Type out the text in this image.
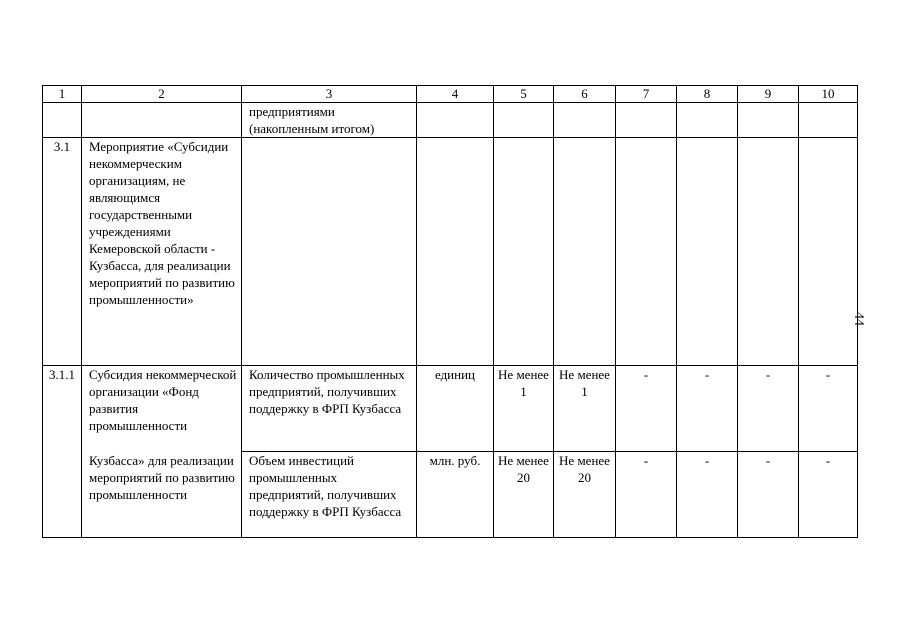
1	2	3	4	5	6	7	8	9	10
		предприятиями (накопленным итогом)							
3.1	Мероприятие «Субсидии некоммерческим организациям, не являющимся государственными учреждениями Кемеровской области - Кузбасса, для реализации мероприятий по развитию промышленности»								
3.1.1	Субсидия некоммерческой организации «Фонд развития промышленности	Количество промышленных предприятий, получивших поддержку в ФРП Кузбасса	единиц	Не менее 1	Не менее 1	-	-	-	-
	Кузбасса» для реализации мероприятий по развитию промышленности	Объем инвестиций промышленных предприятий, получивших поддержку в ФРП Кузбасса	млн. руб.	Не менее 20	Не менее 20	-	-	-	-
44
